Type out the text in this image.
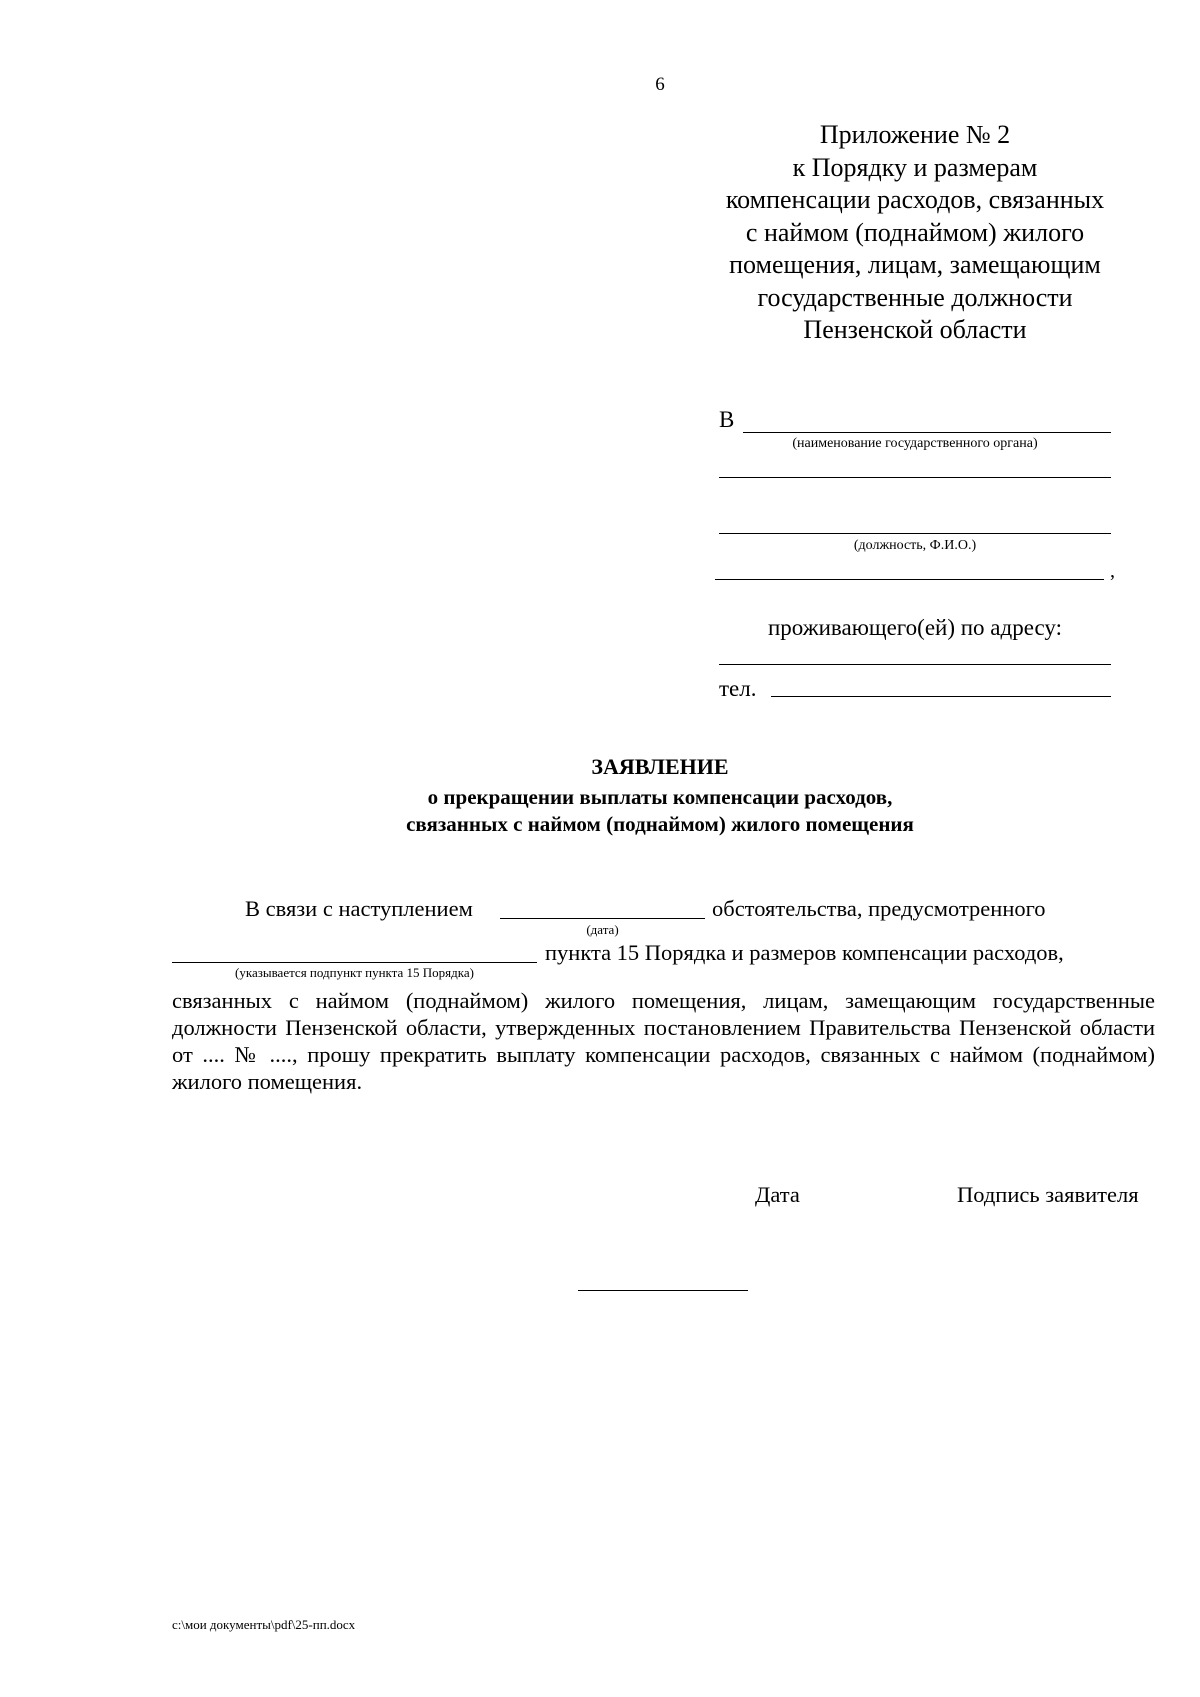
6
Приложение № 2
к Порядку и размерам
компенсации расходов, связанных
с наймом (поднаймом) жилого
помещения, лицам, замещающим
государственные должности
Пензенской области
В
(наименование государственного органа)
(должность, Ф.И.О.)
,
проживающего(ей) по адресу:
тел.
ЗАЯВЛЕНИЕ
о прекращении выплаты компенсации расходов,
связанных с наймом (поднаймом) жилого помещения
В связи с наступлением	обстоятельства, предусмотренного
(дата)
пункта 15 Порядка и размеров компенсации расходов,
(указывается подпункт пункта 15 Порядка)

связанных с наймом (поднаймом) жилого помещения, лицам, замещающим государственные должности Пензенской области, утвержденных постановлением Правительства Пензенской области от .... № ...., прошу прекратить выплату компенсации расходов, связанных с наймом (поднаймом) жилого помещения.

Дата	Подпись заявителя
c:\мои документы\pdf\25-пп.docx
